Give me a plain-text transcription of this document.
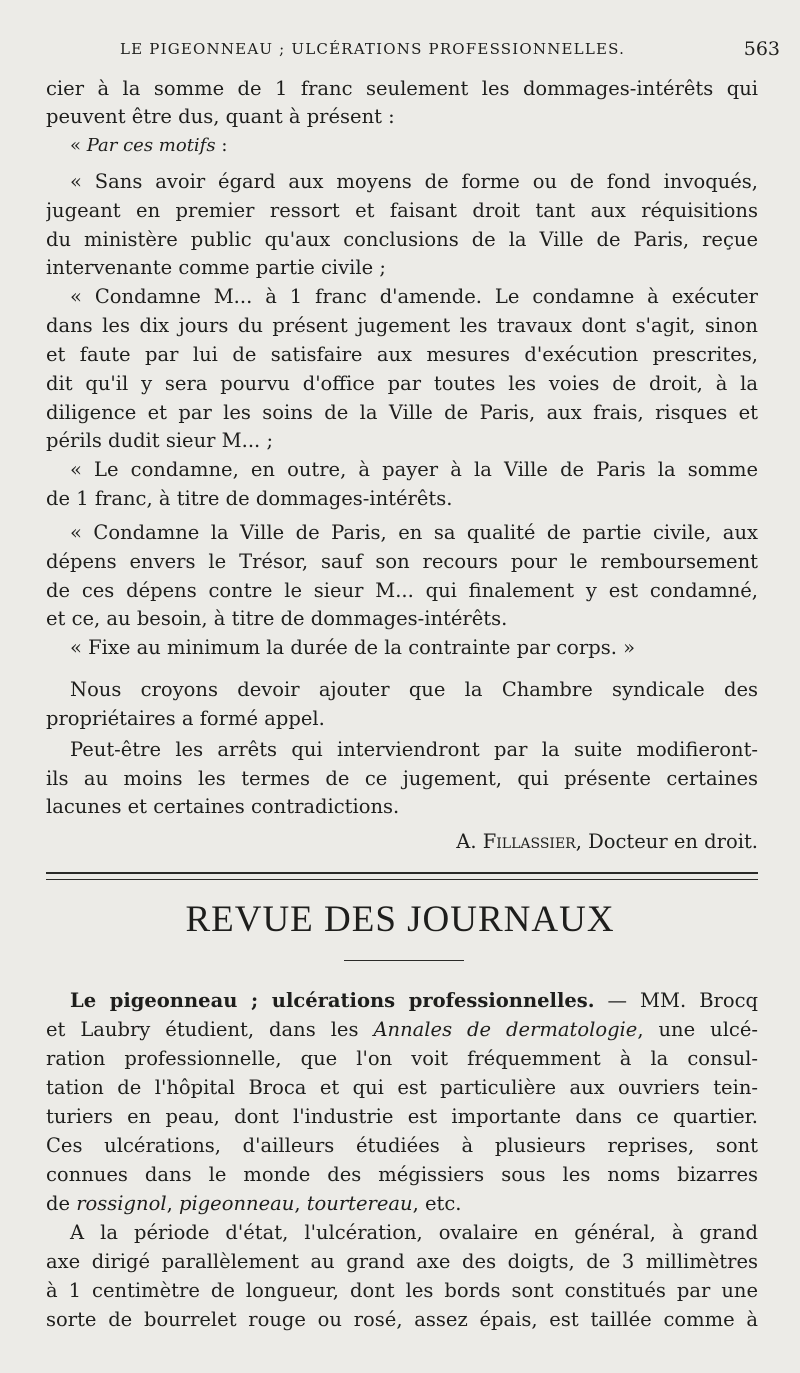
LE PIGEONNEAU ; ULCÉRATIONS PROFESSIONNELLES.	563
cier à la somme de 1 franc seulement les dommages-intérêts qui
peuvent être dus, quant à présent :
« Par ces motifs :
« Sans avoir égard aux moyens de forme ou de fond invoqués,
jugeant en premier ressort et faisant droit tant aux réquisitions
du ministère public qu'aux conclusions de la Ville de Paris, reçue
intervenante comme partie civile ;
« Condamne M... à 1 franc d'amende. Le condamne à exécuter
dans les dix jours du présent jugement les travaux dont s'agit, sinon
et faute par lui de satisfaire aux mesures d'exécution prescrites,
dit qu'il y sera pourvu d'office par toutes les voies de droit, à la
diligence et par les soins de la Ville de Paris, aux frais, risques et
périls dudit sieur M... ;
« Le condamne, en outre, à payer à la Ville de Paris la somme
de 1 franc, à titre de dommages-intérêts.
« Condamne la Ville de Paris, en sa qualité de partie civile, aux
dépens envers le Trésor, sauf son recours pour le remboursement
de ces dépens contre le sieur M... qui finalement y est condamné,
et ce, au besoin, à titre de dommages-intérêts.
« Fixe au minimum la durée de la contrainte par corps. »
Nous croyons devoir ajouter que la Chambre syndicale des
propriétaires a formé appel.
Peut-être les arrêts qui interviendront par la suite modifieront-
ils au moins les termes de ce jugement, qui présente certaines
lacunes et certaines contradictions.
A. Fillassier, Docteur en droit.
REVUE DES JOURNAUX
Le pigeonneau ; ulcérations professionnelles. — MM. Brocq
et Laubry étudient, dans les Annales de dermatologie, une ulcé-
ration professionnelle, que l'on voit fréquemment à la consul-
tation de l'hôpital Broca et qui est particulière aux ouvriers tein-
turiers en peau, dont l'industrie est importante dans ce quartier.
Ces ulcérations, d'ailleurs étudiées à plusieurs reprises, sont
connues dans le monde des mégissiers sous les noms bizarres
de rossignol, pigeonneau, tourtereau, etc.
A la période d'état, l'ulcération, ovalaire en général, à grand
axe dirigé parallèlement au grand axe des doigts, de 3 millimètres
à 1 centimètre de longueur, dont les bords sont constitués par une
sorte de bourrelet rouge ou rosé, assez épais, est taillée comme à
